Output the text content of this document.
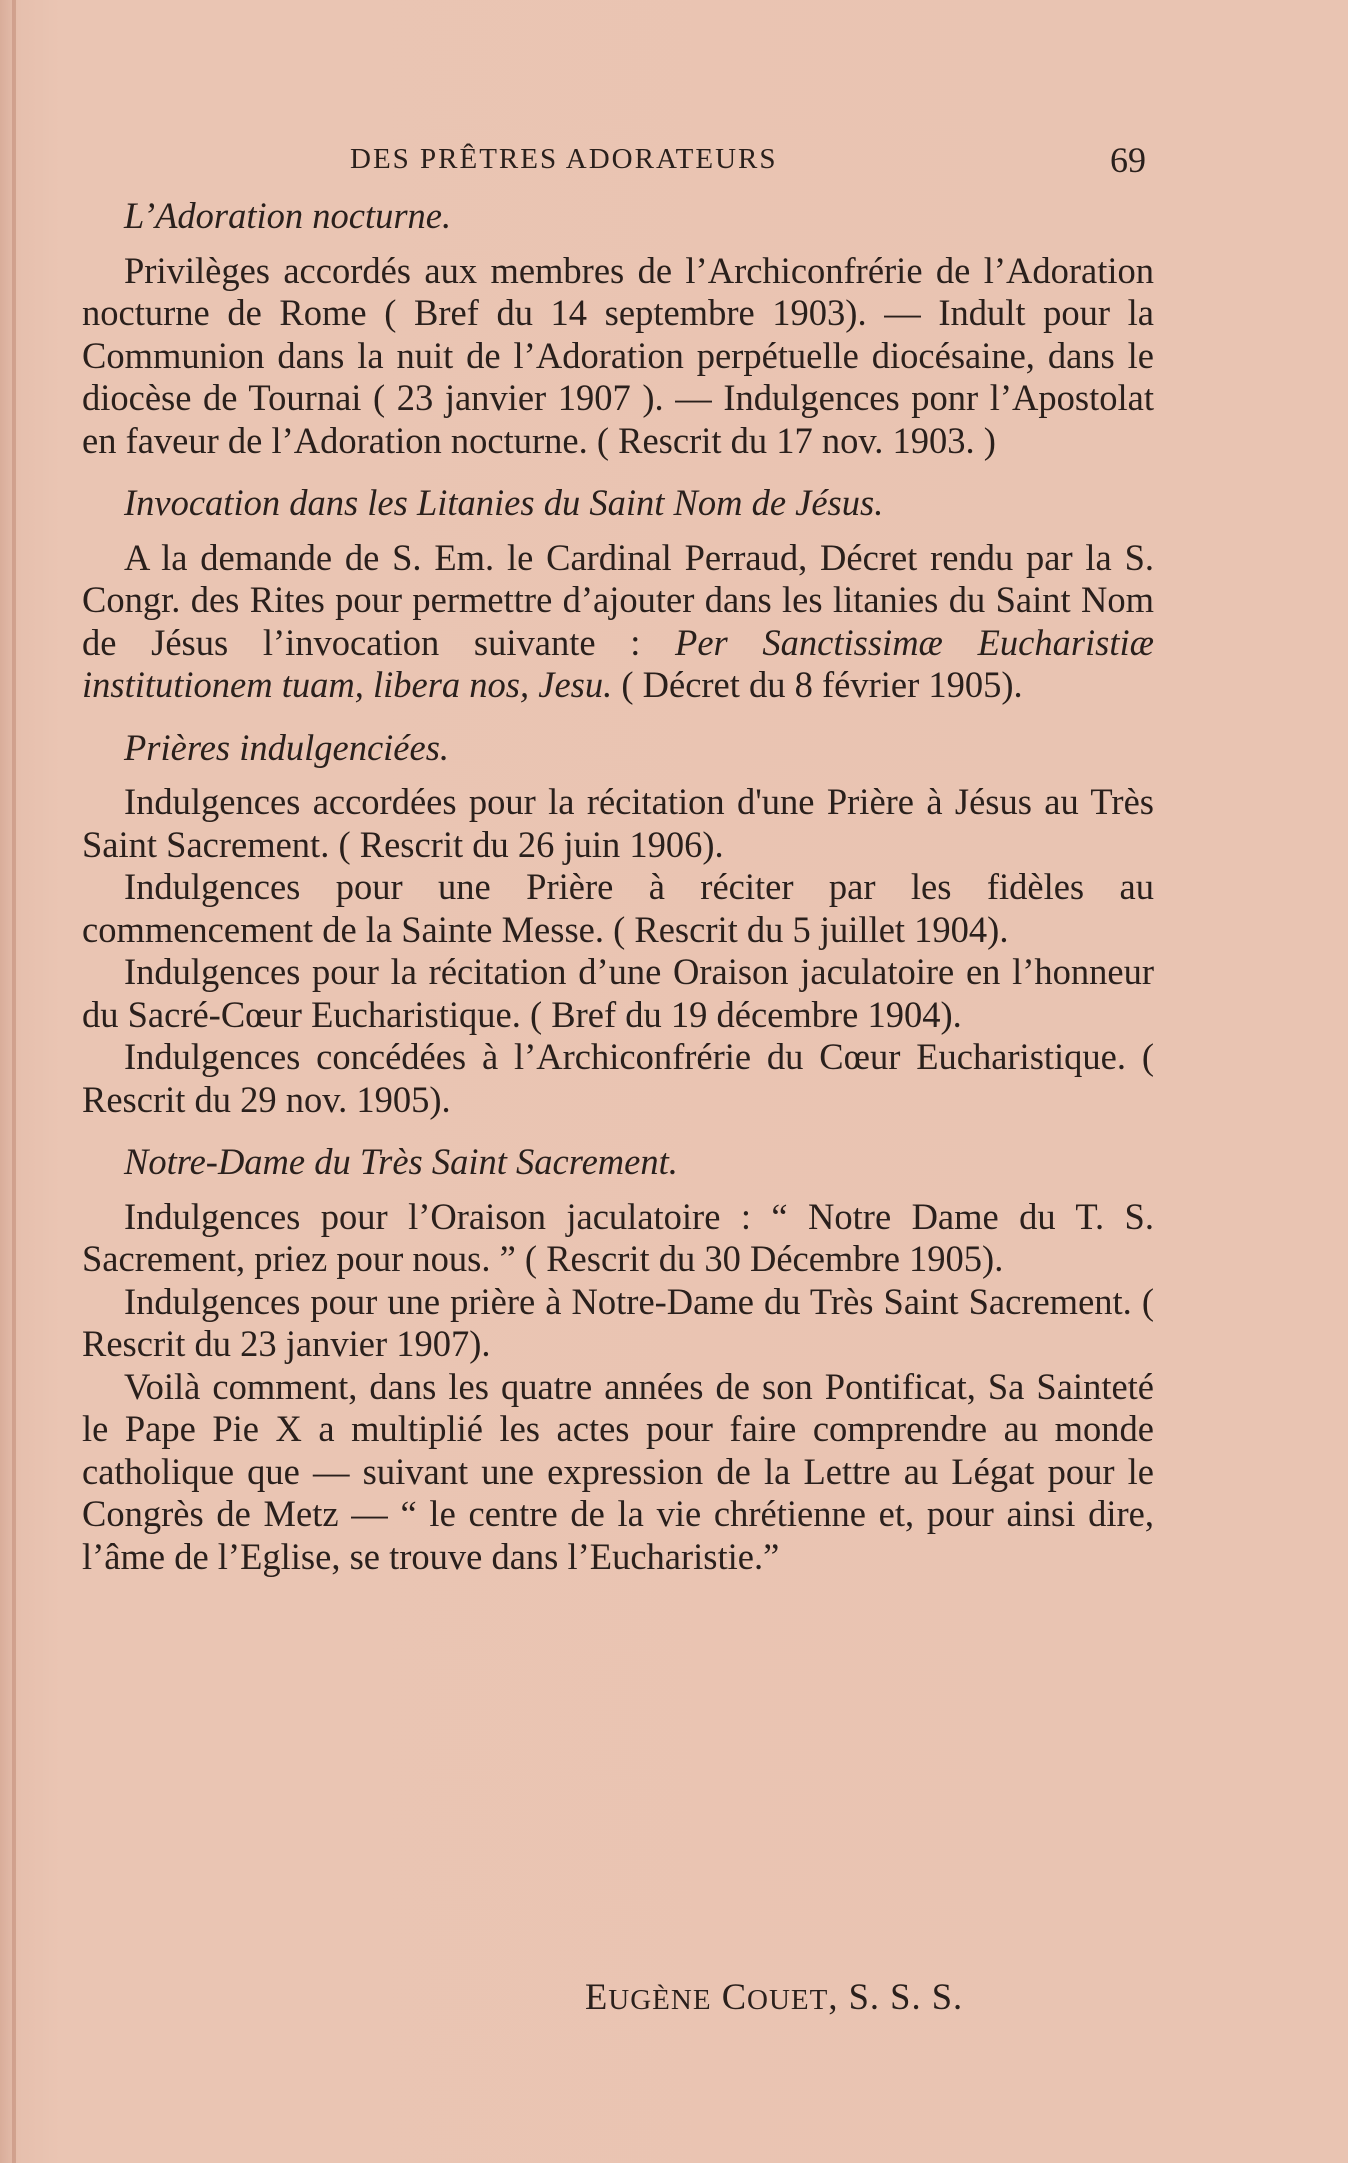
DES PRÊTRES ADORATEURS	69

L’Adoration nocturne.

Privilèges accordés aux membres de l’Archiconfrérie de l’Adoration nocturne de Rome ( Bref du 14 septembre 1903). — Indult pour la Communion dans la nuit de l’Adoration perpétuelle diocésaine, dans le diocèse de Tournai ( 23 janvier 1907 ). — Indulgences ponr l’Apostolat en faveur de l’Adoration nocturne. ( Rescrit du 17 nov. 1903. )

Invocation dans les Litanies du Saint Nom de Jésus.

A la demande de S. Em. le Cardinal Perraud, Décret rendu par la S. Congr. des Rites pour permettre d’ajouter dans les litanies du Saint Nom de Jésus l’invocation suivante : Per Sanctissimæ Eucharistiæ institutionem tuam, libera nos, Jesu. ( Décret du 8 février 1905).

Prières indulgenciées.

Indulgences accordées pour la récitation d'une Prière à Jésus au Très Saint Sacrement. ( Rescrit du 26 juin 1906).

Indulgences pour une Prière à réciter par les fidèles au commencement de la Sainte Messe. ( Rescrit du 5 juillet 1904).

Indulgences pour la récitation d’une Oraison jaculatoire en l’honneur du Sacré-Cœur Eucharistique. ( Bref du 19 décembre 1904).

Indulgences concédées à l’Archiconfrérie du Cœur Eucharistique. ( Rescrit du 29 nov. 1905).

Notre-Dame du Très Saint Sacrement.

Indulgences pour l’Oraison jaculatoire : “ Notre Dame du T. S. Sacrement, priez pour nous. ” ( Rescrit du 30 Décembre 1905).

Indulgences pour une prière à Notre-Dame du Très Saint Sacrement. ( Rescrit du 23 janvier 1907).

Voilà comment, dans les quatre années de son Pontificat, Sa Sainteté le Pape Pie X a multiplié les actes pour faire comprendre au monde catholique que — suivant une expression de la Lettre au Légat pour le Congrès de Metz — “ le centre de la vie chrétienne et, pour ainsi dire, l’âme de l’Eglise, se trouve dans l’Eucharistie.”

EUGÈNE COUET, S. S. S.
